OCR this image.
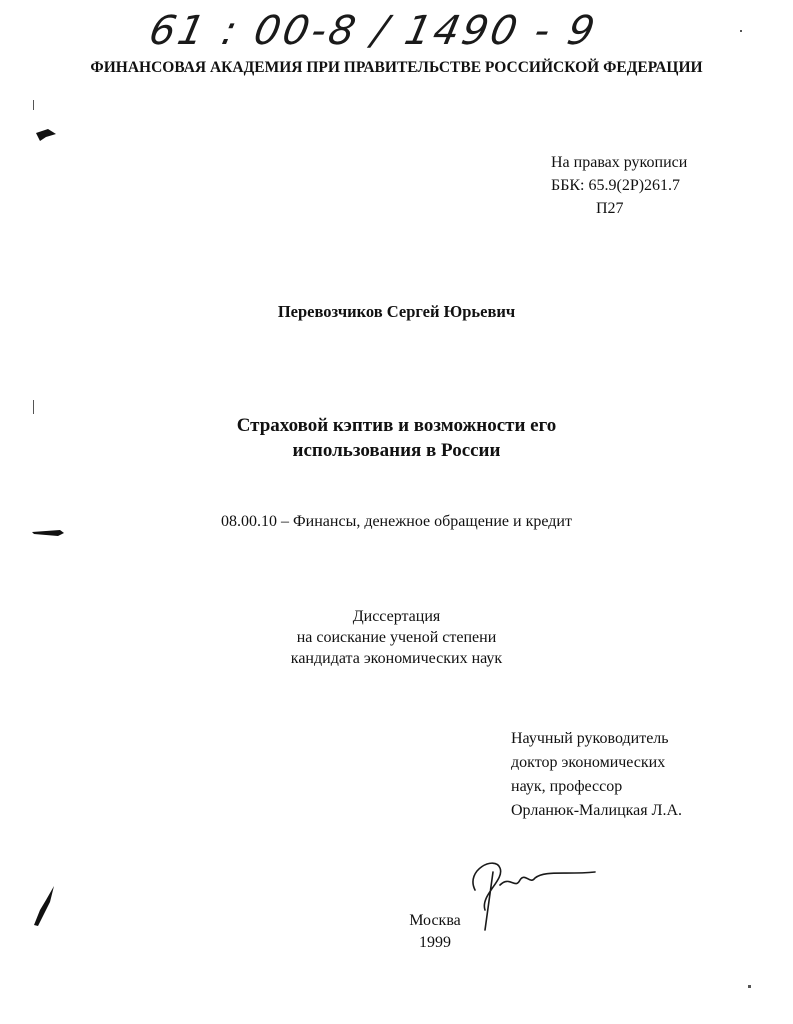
61 : 00-8 / 1490 - 9
ФИНАНСОВАЯ АКАДЕМИЯ ПРИ ПРАВИТЕЛЬСТВЕ РОССИЙСКОЙ ФЕДЕРАЦИИ
На правах рукописи
ББК: 65.9(2Р)261.7
П27
Перевозчиков Сергей Юрьевич
Страховой кэптив и возможности его
использования в России
08.00.10 – Финансы, денежное обращение и кредит
Диссертация
на соискание ученой степени
кандидата экономических наук
Научный руководитель
доктор экономических
наук, профессор
Орланюк-Малицкая Л.А.
Москва
1999
